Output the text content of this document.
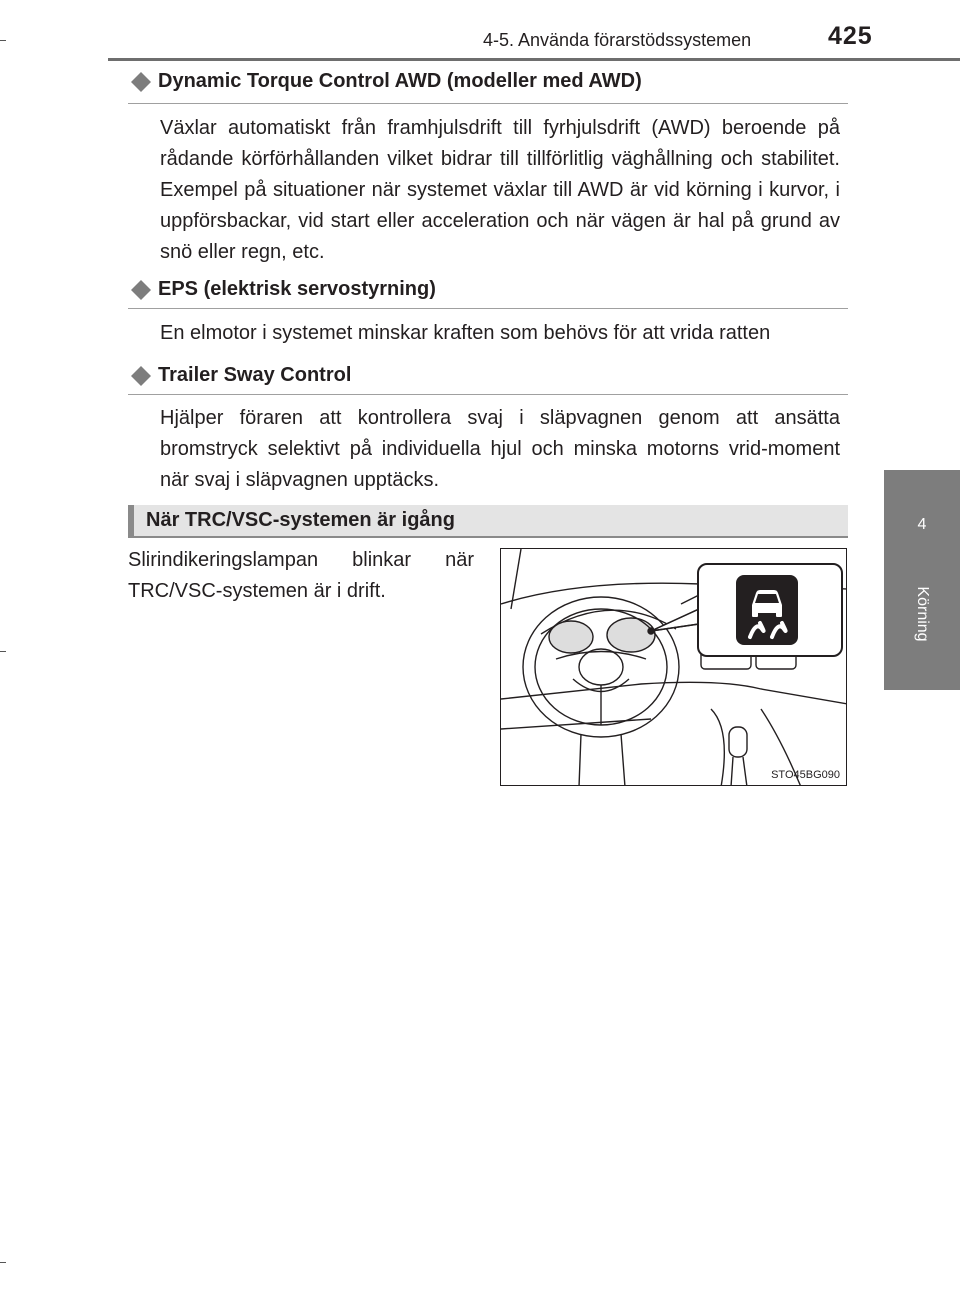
4-5. Använda förarstödssystemen	425
4
Körning
Dynamic Torque Control AWD (modeller med AWD)
Växlar automatiskt från framhjulsdrift till fyrhjulsdrift (AWD) beroende på rådande körförhållanden vilket bidrar till tillförlitlig väghållning och stabilitet. Exempel på situationer när systemet växlar till AWD är vid körning i kurvor, i uppförsbackar, vid start eller acceleration och när vägen är hal på grund av snö eller regn, etc.
EPS (elektrisk servostyrning)
En elmotor i systemet minskar kraften som behövs för att vrida ratten
Trailer Sway Control
Hjälper föraren att kontrollera svaj i släpvagnen genom att ansätta bromstryck selektivt på individuella hjul och minska motorns vrid-moment när svaj i släpvagnen upptäcks.
När TRC/VSC-systemen är igång
Slirindikeringslampan blinkar när TRC/VSC-systemen är i drift.
STO45BG090
